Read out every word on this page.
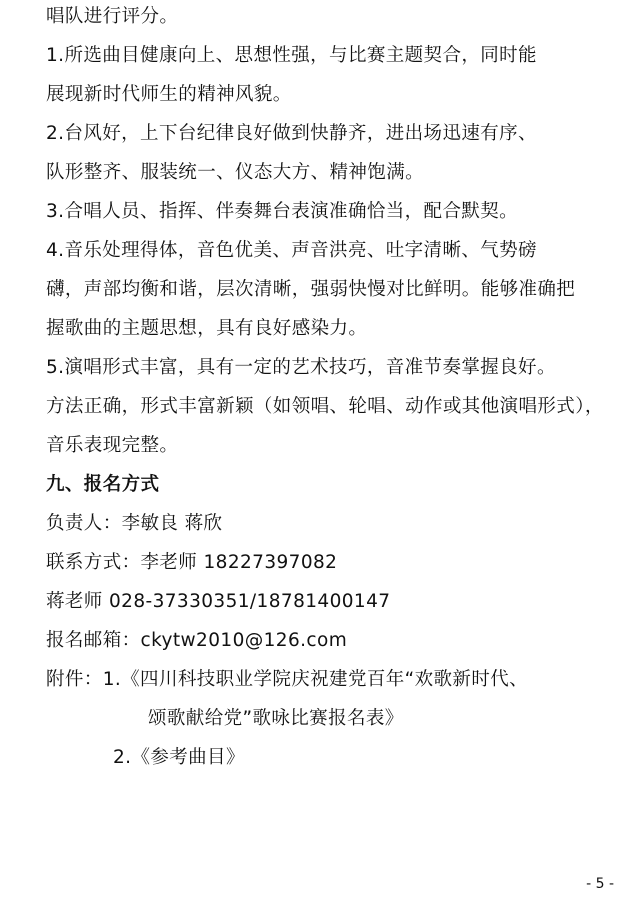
唱队进行评分。
1.所选曲目健康向上、思想性强，与比赛主题契合，同时能
展现新时代师生的精神风貌。
2.台风好，上下台纪律良好做到快静齐，进出场迅速有序、
队形整齐、服装统一、仪态大方、精神饱满。
3.合唱人员、指挥、伴奏舞台表演准确恰当，配合默契。
4.音乐处理得体，音色优美、声音洪亮、吐字清晰、气势磅
礴，声部均衡和谐，层次清晰，强弱快慢对比鲜明。能够准确把
握歌曲的主题思想，具有良好感染力。
5.演唱形式丰富，具有一定的艺术技巧，音准节奏掌握良好。
方法正确，形式丰富新颖（如领唱、轮唱、动作或其他演唱形式），
音乐表现完整。
九、报名方式
负责人：李敏良 蒋欣
联系方式：李老师 18227397082
蒋老师 028-37330351/18781400147
报名邮箱：ckytw2010@126.com
附件：1.《四川科技职业学院庆祝建党百年“欢歌新时代、
颂歌献给党”歌咏比赛报名表》
2.《参考曲目》
- 5 -
